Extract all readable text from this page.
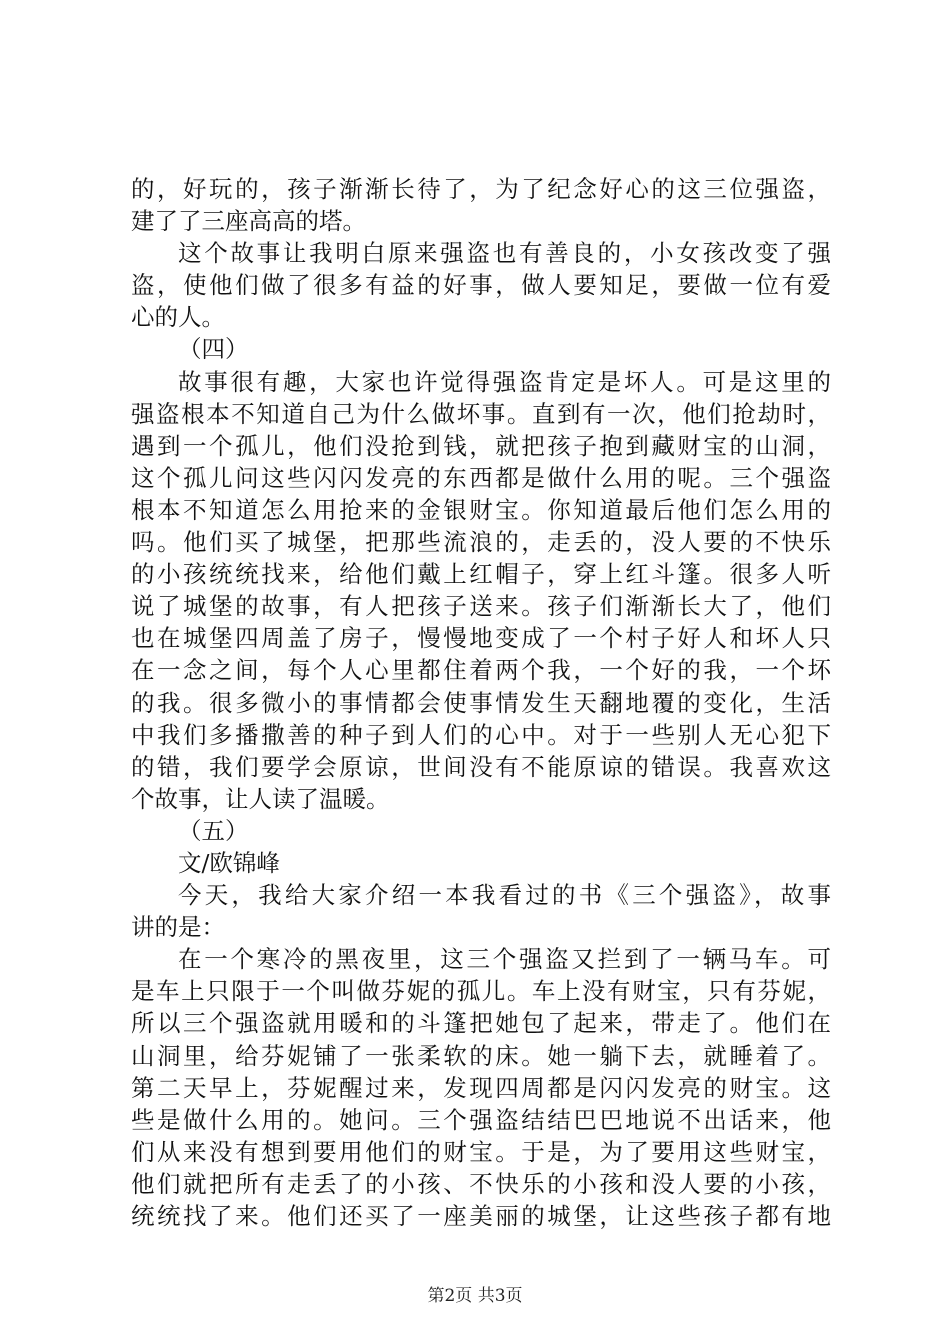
的，好玩的，孩子渐渐长待了，为了纪念好心的这三位强盗，
建了了三座高高的塔。

这个故事让我明白原来强盗也有善良的，小女孩改变了强
盗，使他们做了很多有益的好事，做人要知足，要做一位有爱
心的人。

（四）

故事很有趣，大家也许觉得强盗肯定是坏人。可是这里的
强盗根本不知道自己为什么做坏事。直到有一次，他们抢劫时，
遇到一个孤儿，他们没抢到钱，就把孩子抱到藏财宝的山洞，
这个孤儿问这些闪闪发亮的东西都是做什么用的呢。三个强盗
根本不知道怎么用抢来的金银财宝。你知道最后他们怎么用的
吗。他们买了城堡，把那些流浪的，走丢的，没人要的不快乐
的小孩统统找来，给他们戴上红帽子，穿上红斗篷。很多人听
说了城堡的故事，有人把孩子送来。孩子们渐渐长大了，他们
也在城堡四周盖了房子，慢慢地变成了一个村子好人和坏人只
在一念之间，每个人心里都住着两个我，一个好的我，一个坏
的我。很多微小的事情都会使事情发生天翻地覆的变化，生活
中我们多播撒善的种子到人们的心中。对于一些别人无心犯下
的错，我们要学会原谅，世间没有不能原谅的错误。我喜欢这
个故事，让人读了温暖。

（五）

文/欧锦峰

今天，我给大家介绍一本我看过的书《三个强盗》，故事
讲的是：

在一个寒冷的黑夜里，这三个强盗又拦到了一辆马车。可
是车上只限于一个叫做芬妮的孤儿。车上没有财宝，只有芬妮，
所以三个强盗就用暖和的斗篷把她包了起来，带走了。他们在
山洞里，给芬妮铺了一张柔软的床。她一躺下去，就睡着了。
第二天早上，芬妮醒过来，发现四周都是闪闪发亮的财宝。这
些是做什么用的。她问。三个强盗结结巴巴地说不出话来，他
们从来没有想到要用他们的财宝。于是，为了要用这些财宝，
他们就把所有走丢了的小孩、不快乐的小孩和没人要的小孩，
统统找了来。他们还买了一座美丽的城堡，让这些孩子都有地

第2页 共3页
